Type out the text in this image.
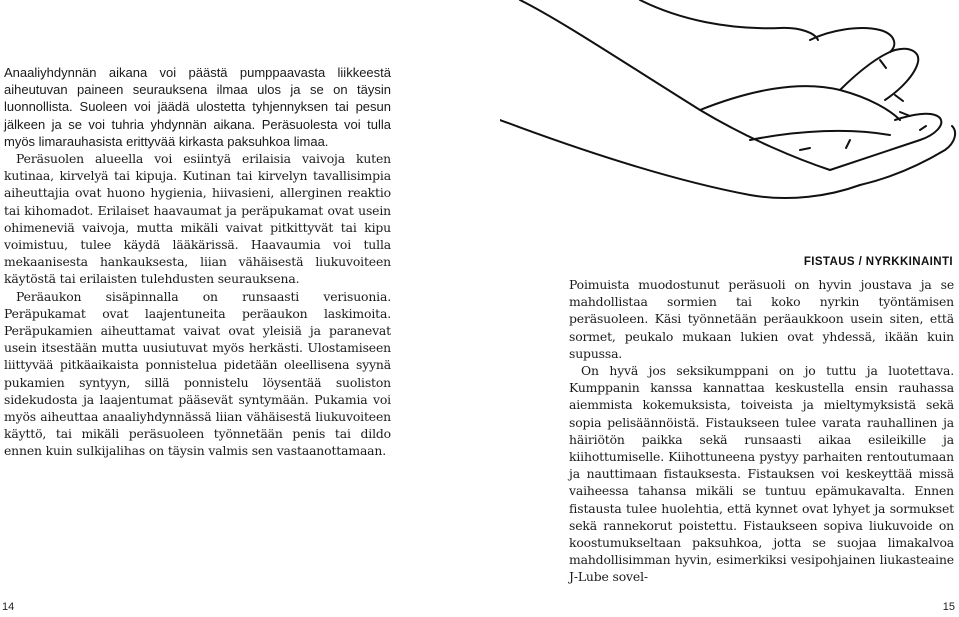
Anaaliyhdynnän aikana voi päästä pumppaavasta liikkeestä aiheutuvan paineen seurauksena ilmaa ulos ja se on täysin luonnollista. Suoleen voi jäädä ulostetta tyhjennyksen tai pesun jälkeen ja se voi tuhria yhdynnän aikana. Peräsuolesta voi tulla myös limarauhasista erittyvää kirkasta paksuhkoa limaa.

Peräsuolen alueella voi esiintyä erilaisia vaivoja kuten kutinaa, kirvelyä tai kipuja. Kutinan tai kirvelyn tavallisimpia aiheuttajia ovat huono hygienia, hiivasieni, allerginen reaktio tai kihomadot. Erilaiset haavaumat ja peräpukamat ovat usein ohimeneviä vaivoja, mutta mikäli vaivat pitkittyvät tai kipu voimistuu, tulee käydä lääkärissä. Haavaumia voi tulla mekaanisesta hankauksesta, liian vähäisestä liukuvoiteen käytöstä tai erilaisten tulehdusten seurauksena.

Peräaukon sisäpinnalla on runsaasti verisuonia. Peräpukamat ovat laajentuneita peräaukon laskimoita. Peräpukamien aiheuttamat vaivat ovat yleisiä ja paranevat usein itsestään mutta uusiutuvat myös herkästi. Ulostamiseen liittyvää pitkäaikaista ponnistelua pidetään oleellisena syynä pukamien syntyyn, sillä ponnistelu löysentää suoliston sidekudosta ja laajentumat pääsevät syntymään. Pukamia voi myös aiheuttaa anaaliyhdynnässä liian vähäisestä liukuvoiteen käyttö, tai mikäli peräsuoleen työnnetään penis tai dildo ennen kuin sulkijalihas on täysin valmis sen vastaanottamaan.

FISTAUS / NYRKKINAINTI

Poimuista muodostunut peräsuoli on hyvin joustava ja se mahdollistaa sormien tai koko nyrkin työntämisen peräsuoleen. Käsi työnnetään peräaukkoon usein siten, että sormet, peukalo mukaan lukien ovat yhdessä, ikään kuin supussa.

On hyvä jos seksikumppani on jo tuttu ja luotettava. Kumppanin kanssa kannattaa keskustella ensin rauhassa aiemmista kokemuksista, toiveista ja mieltymyksistä sekä sopia pelisäännöistä. Fistaukseen tulee varata rauhallinen ja häiriötön paikka sekä runsaasti aikaa esileikille ja kiihottumiselle. Kiihottuneena pystyy parhaiten rentoutumaan ja nauttimaan fistauksesta. Fistauksen voi keskeyttää missä vaiheessa tahansa mikäli se tuntuu epämukavalta. Ennen fistausta tulee huolehtia, että kynnet ovat lyhyet ja sormukset sekä rannekorut poistettu. Fistaukseen sopiva liukuvoide on koostumukseltaan paksuhkoa, jotta se suojaa limakalvoa mahdollisimman hyvin, esimerkiksi vesipohjainen liukasteaine J-Lube sovel-

14	15
